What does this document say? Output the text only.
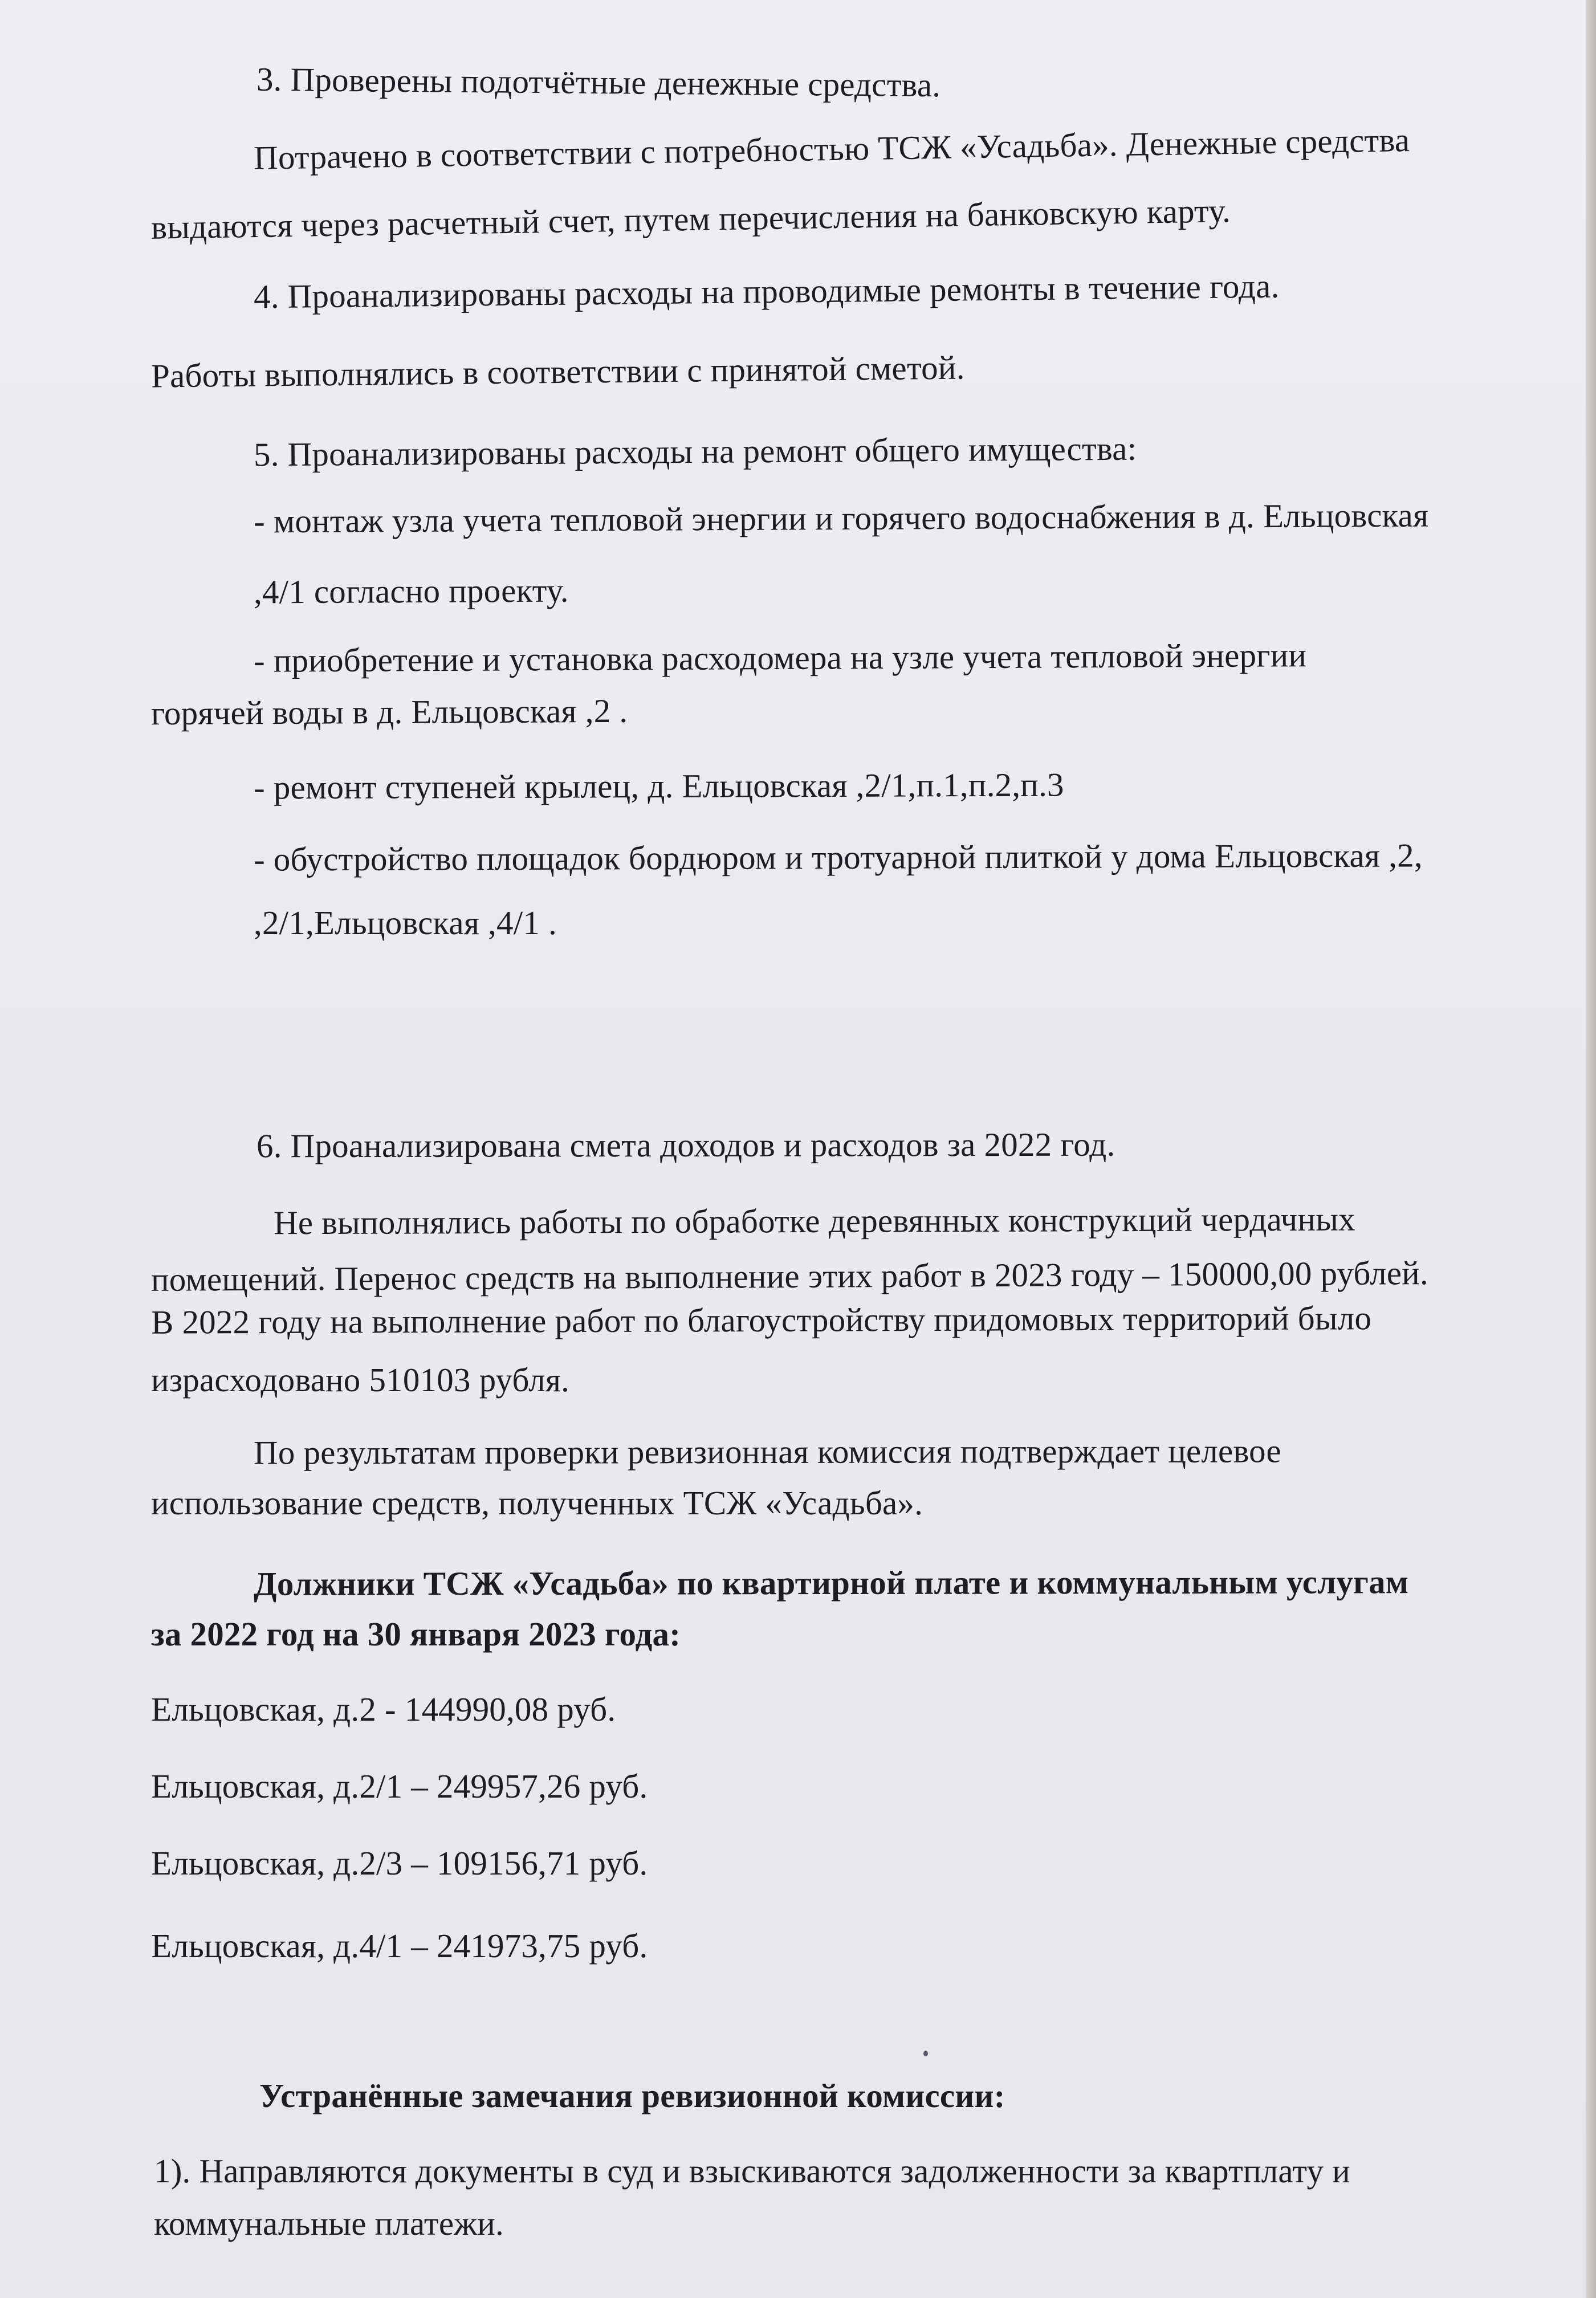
3. Проверены подотчётные денежные средства.

Потрачено в соответствии с потребностью ТСЖ «Усадьба». Денежные средства

выдаются через расчетный счет, путем перечисления на банковскую карту.

4. Проанализированы расходы на проводимые ремонты в течение года.

Работы выполнялись в соответствии с принятой сметой.

5. Проанализированы расходы на ремонт общего имущества:

- монтаж узла учета тепловой энергии и горячего водоснабжения в д. Ельцовская

,4/1 согласно проекту.

- приобретение и установка расходомера на узле учета тепловой энергии

горячей воды в д. Ельцовская ,2 .

- ремонт ступеней крылец, д. Ельцовская ,2/1,п.1,п.2,п.3

- обустройство площадок бордюром и тротуарной плиткой у дома Ельцовская ,2,

,2/1,Ельцовская ,4/1 .

6. Проанализирована смета доходов и расходов за 2022 год.

Не выполнялись работы по обработке деревянных конструкций чердачных

помещений. Перенос средств на выполнение этих работ в 2023 году – 150000,00 рублей.

В 2022 году на выполнение работ по благоустройству придомовых территорий было

израсходовано 510103 рубля.

По результатам проверки ревизионная комиссия подтверждает целевое

использование средств, полученных ТСЖ «Усадьба».

Должники ТСЖ «Усадьба» по квартирной плате и коммунальным услугам

за 2022 год на 30 января 2023 года:

Ельцовская, д.2 - 144990,08 руб.

Ельцовская, д.2/1 – 249957,26 руб.

Ельцовская, д.2/3 – 109156,71 руб.

Ельцовская, д.4/1 – 241973,75 руб.

Устранённые замечания ревизионной комиссии:

1). Направляются документы в суд и взыскиваются задолженности за квартплату и

коммунальные платежи.
